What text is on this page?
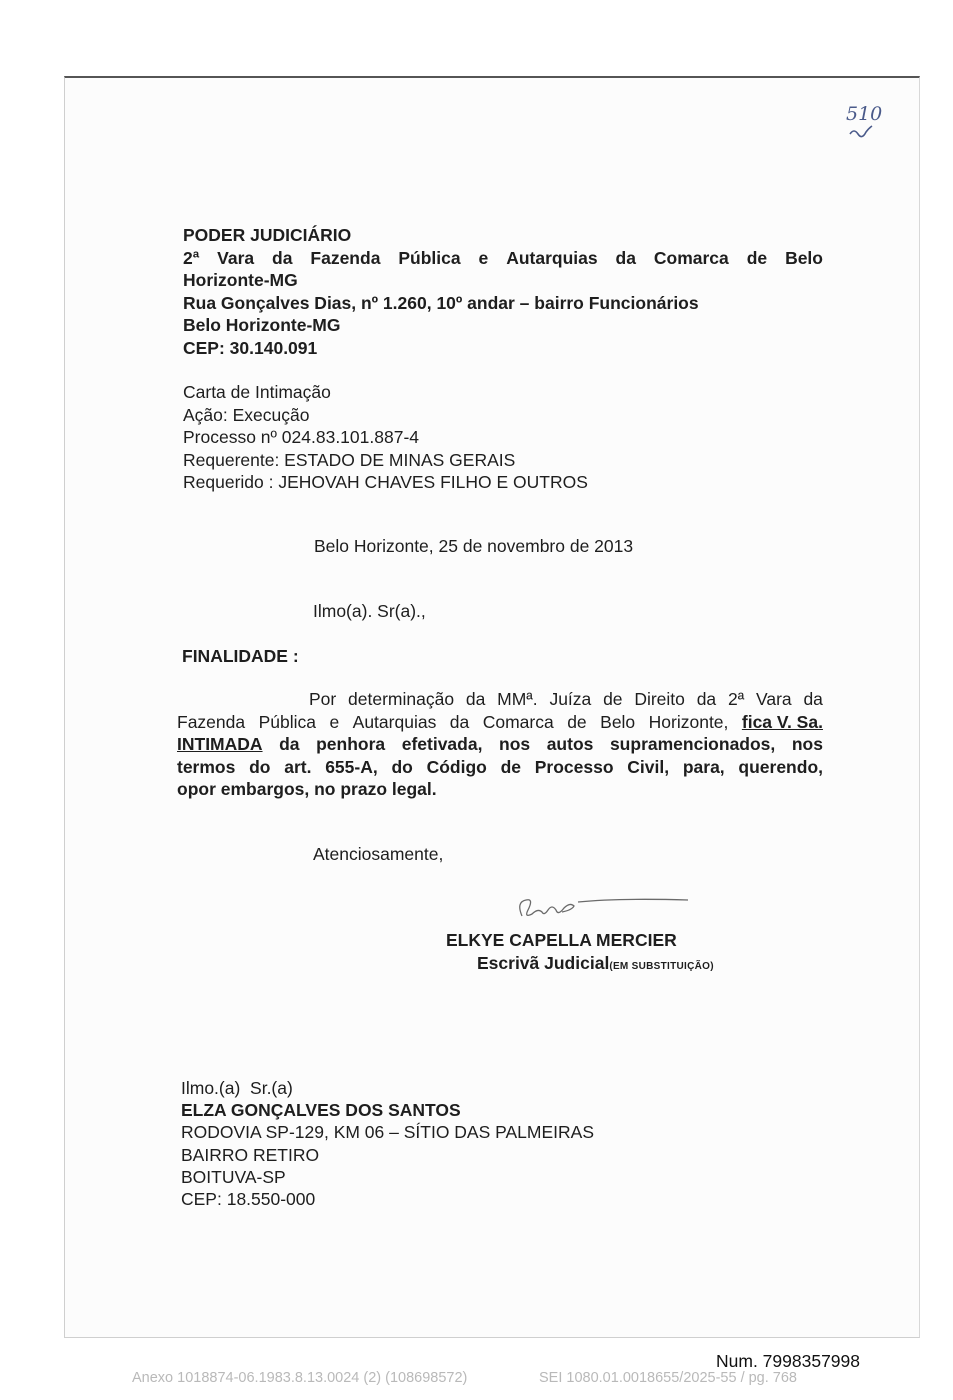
510
PODER JUDICIÁRIO
2ª Vara da Fazenda Pública e Autarquias da Comarca de Belo
Horizonte-MG
Rua Gonçalves Dias, nº 1.260, 10º andar – bairro Funcionários
Belo Horizonte-MG
CEP: 30.140.091
Carta de Intimação
Ação: Execução
Processo nº 024.83.101.887-4
Requerente: ESTADO DE MINAS GERAIS
Requerido : JEHOVAH CHAVES FILHO E OUTROS
Belo Horizonte, 25 de novembro de 2013
Ilmo(a). Sr(a).,
FINALIDADE :
Por determinação da MMª. Juíza de Direito da 2ª Vara da
Fazenda Pública e Autarquias da Comarca de Belo Horizonte, fica V. Sa.
INTIMADA da penhora efetivada, nos autos supramencionados, nos
termos do art. 655-A, do Código de Processo Civil, para, querendo,
opor embargos, no prazo legal.
Atenciosamente,
ELKYE CAPELLA MERCIER
Escrivã Judicial(EM SUBSTITUIÇÃO)
Ilmo.(a)  Sr.(a)
ELZA GONÇALVES DOS SANTOS
RODOVIA SP-129, KM 06 – SÍTIO DAS PALMEIRAS
BAIRRO RETIRO
BOITUVA-SP
CEP: 18.550-000
Num. 7998357998
Anexo 1018874-06.1983.8.13.0024 (2) (108698572)	SEI 1080.01.0018655/2025-55 / pg. 768
